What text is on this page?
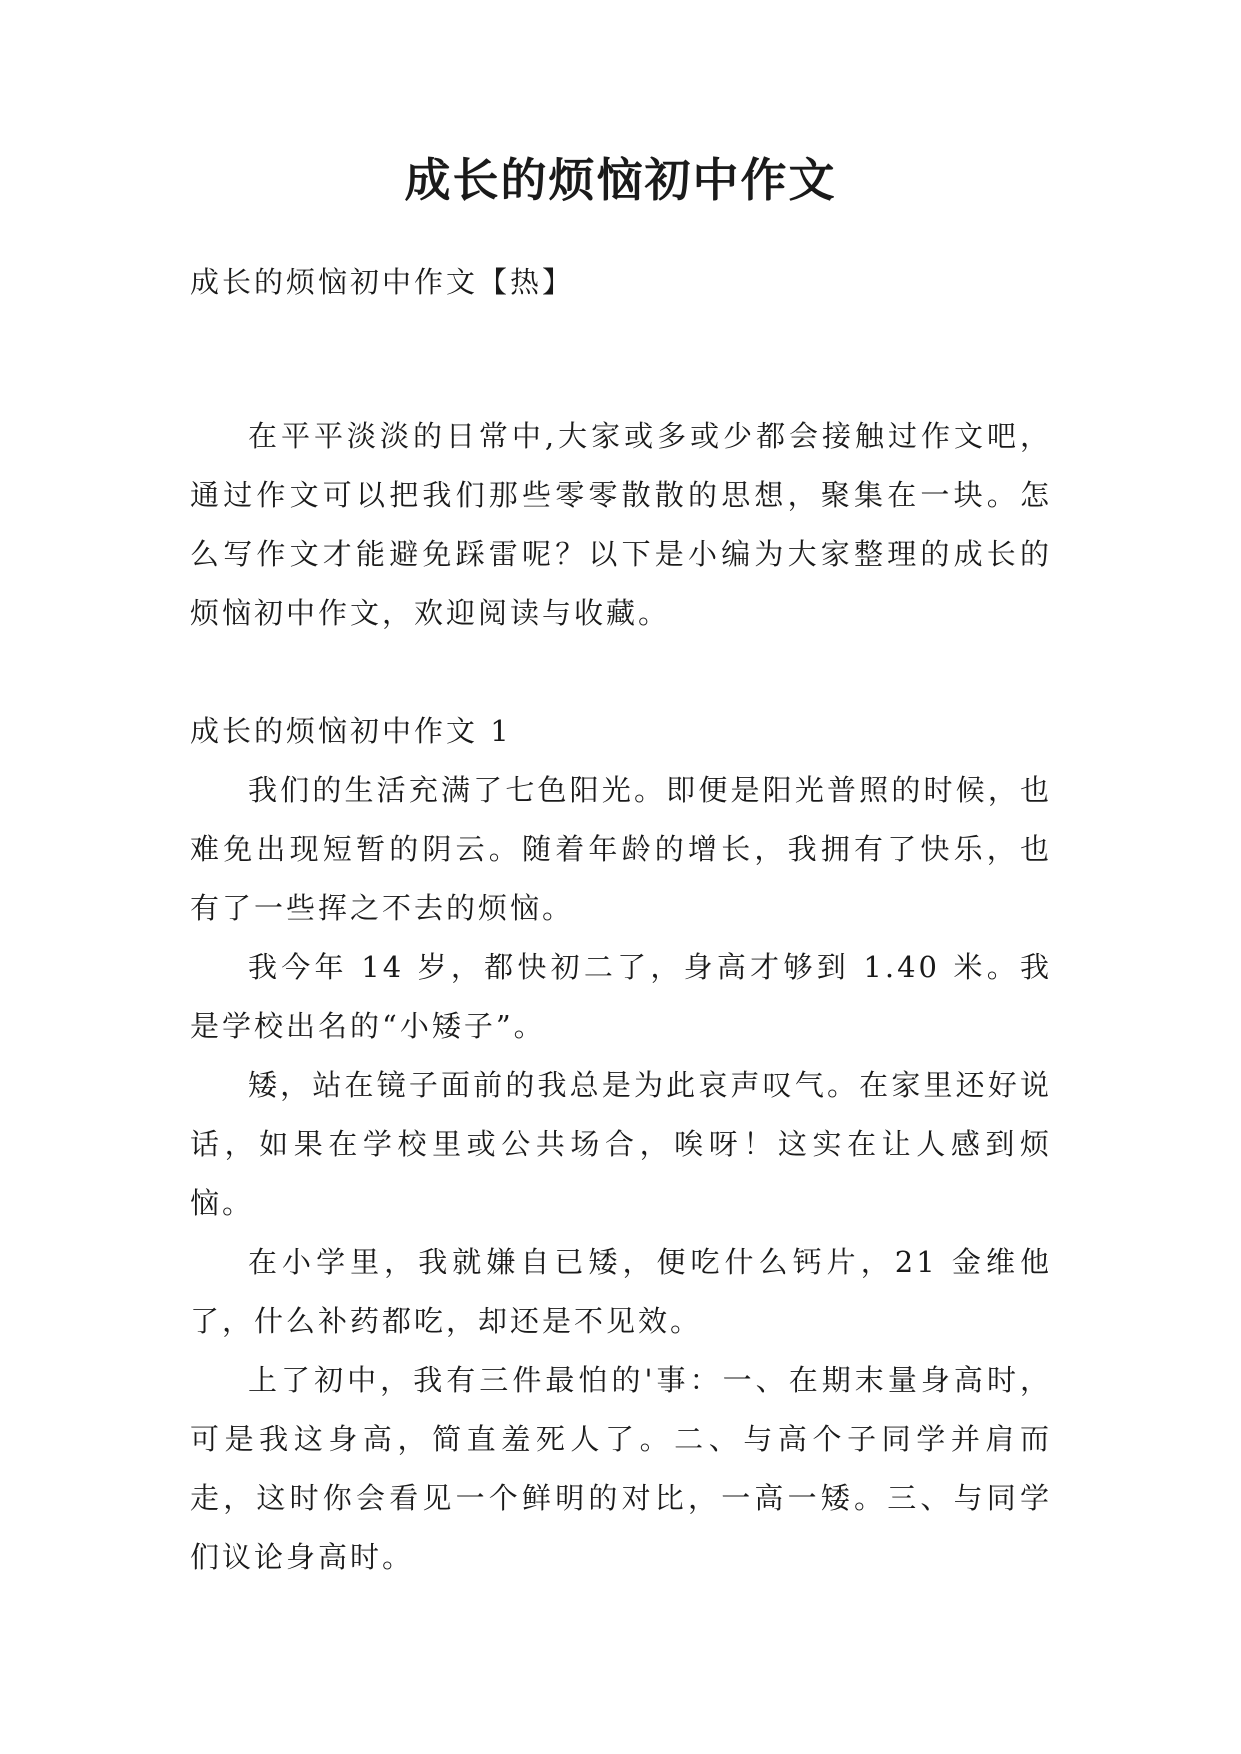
成长的烦恼初中作文

成长的烦恼初中作文【热】

在平平淡淡的日常中,大家或多或少都会接触过作文吧，通过作文可以把我们那些零零散散的思想，聚集在一块。怎么写作文才能避免踩雷呢？以下是小编为大家整理的成长的烦恼初中作文，欢迎阅读与收藏。

成长的烦恼初中作文 1

我们的生活充满了七色阳光。即便是阳光普照的时候，也难免出现短暂的阴云。随着年龄的增长，我拥有了快乐，也有了一些挥之不去的烦恼。

我今年 14 岁，都快初二了，身高才够到 1.40 米。我是学校出名的“小矮子”。

矮，站在镜子面前的我总是为此哀声叹气。在家里还好说话，如果在学校里或公共场合，唉呀！这实在让人感到烦恼。

在小学里，我就嫌自已矮，便吃什么钙片，21 金维他了，什么补药都吃，却还是不见效。

上了初中，我有三件最怕的'事：一、在期末量身高时，可是我这身高，简直羞死人了。二、与高个子同学并肩而走，这时你会看见一个鲜明的对比，一高一矮。三、与同学们议论身高时。
